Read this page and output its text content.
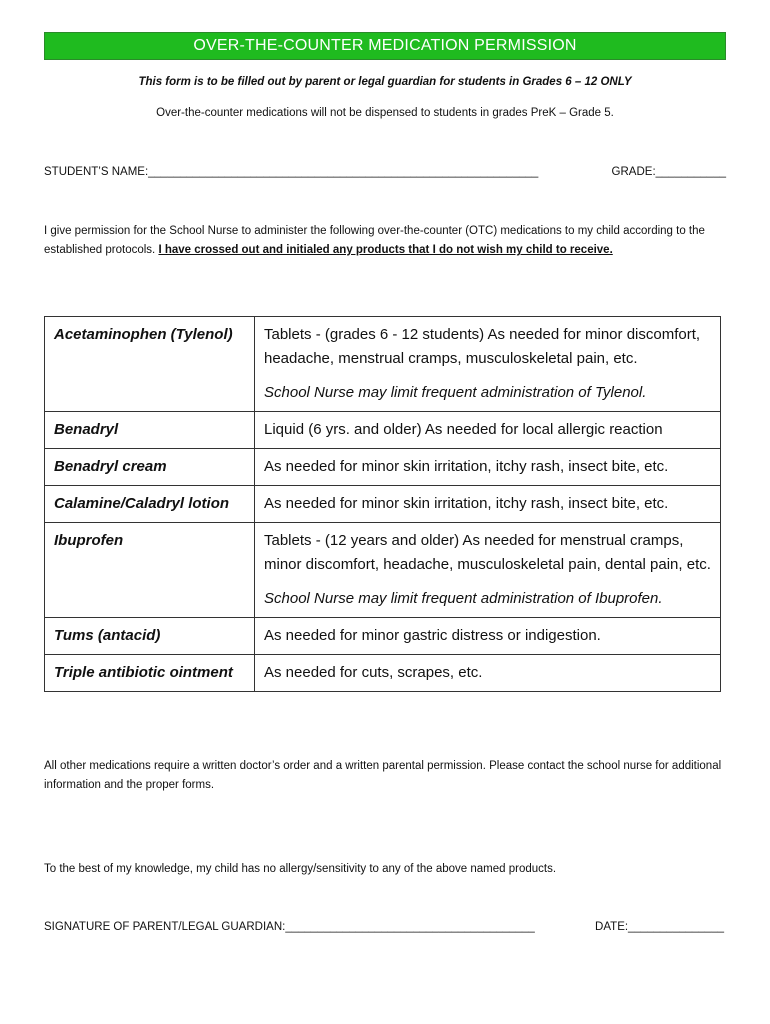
OVER-THE-COUNTER MEDICATION PERMISSION
This form is to be filled out by parent or legal guardian for students in Grades 6 – 12 ONLY
Over-the-counter medications will not be dispensed to students in grades PreK – Grade 5.
STUDENT’S NAME:_____________________________________________________________	GRADE:___________
I give permission for the School Nurse to administer the following over-the-counter (OTC) medications to my child according to the established protocols. I have crossed out and initialed any products that I do not wish my child to receive.
Acetaminophen (Tylenol)	Tablets - (grades 6 - 12 students) As needed for minor discomfort, headache, menstrual cramps, musculoskeletal pain, etc.
School Nurse may limit frequent administration of Tylenol.

Benadryl	Liquid (6 yrs. and older) As needed for local allergic reaction

Benadryl cream	As needed for minor skin irritation, itchy rash, insect bite, etc.

Calamine/Caladryl lotion	As needed for minor skin irritation, itchy rash, insect bite, etc.

Ibuprofen	Tablets - (12 years and older) As needed for menstrual cramps, minor discomfort, headache, musculoskeletal pain, dental pain, etc.
School Nurse may limit frequent administration of Ibuprofen.

Tums (antacid)	As needed for minor gastric distress or indigestion.

Triple antibiotic ointment	As needed for cuts, scrapes, etc.
All other medications require a written doctor’s order and a written parental permission. Please contact the school nurse for additional information and the proper forms.
To the best of my knowledge, my child has no allergy/sensitivity to any of the above named products.
SIGNATURE OF PARENT/LEGAL GUARDIAN:_______________________________________	DATE:_______________
